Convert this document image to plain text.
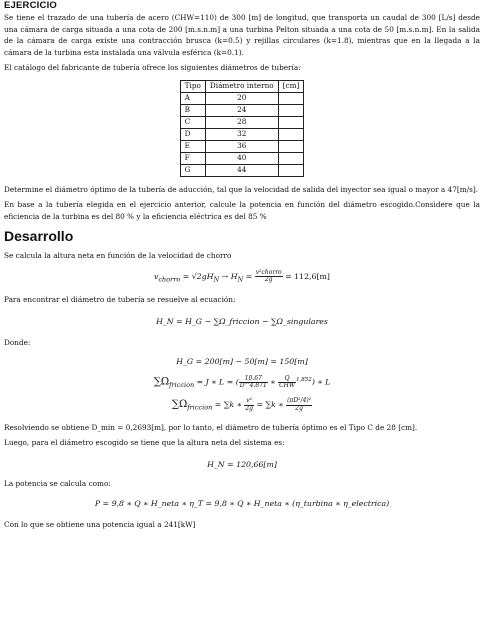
EJERCICIO

Se tiene el trazado de una tubería de acero (CHW=110) de 300 [m] de longitud, que transporta un caudal de 300 [L/s] desde una cámara de carga situada a una cota de 200 [m.s.n.m] a una turbina Pelton situada a una cota de 50 [m.s.n.m]. En la salida de la cámara de carga existe una contracción brusca (k=0.5) y rejillas circulares (k=1.8), mientras que en la llegada a la cámara de la turbina esta instalada una válvula esférica (k=0.1).

El catálogo del fabricante de tubería ofrece los siguientes diámetros de tubería:

Tipo	Diámetro interno	[cm]
A	20	
B	24	
C	28	
D	32	
E	36	
F	40	
G	44	

Determine el diámetro óptimo de la tubería de aducción, tal que la velocidad de salida del inyector sea igual o mayor a 47[m/s].

En base a la tubería elegida en el ejercicio anterior, calcule la potencia en función del diámetro escogido.Considere que la eficiencia de la turbina es del 80 % y la eficiencia eléctrica es del 85 %

Desarrollo

Se calcula la altura neta en función de la velocidad de chorro

$v_{chorro} = √2gH_N \to H_N = \frac{\text{v²chorro}}{2g} = 112,6[m]$

Para encontrar el diámetro de tubería se resuelve al ecuación:

H_N = H_G − ∑Ω_friccion − ∑Ω_singulares

Donde:

H_G = 200[m] − 50[m] = 150[m]
$\sum\Omega_{friccion} = J$ ∗ L = ( $\frac{10.67}{D\^{}4.871}$ ∗ $\frac{Q}{\text{CHW}} ^{1,852}$) ∗ L
$\sum\Omega_{friccion} = \sum k$ ∗ $\frac{\text{v²}}{2g} = \sum k$ ∗ $\frac{\text{(πD²/4)²}}{2g}$

Resolviendo se obtiene D_min = 0,2693[m], por lo tanto, el diámetro de tubería óptimo es el Tipo C de 28 [cm].

Luego, para el diámetro escogido se tiene que la altura neta del sistema es:

H_N = 120,66[m]

La potencia se calcula como:

P = 9,8 ∗ Q ∗ H_neta ∗ η_T = 9,8 ∗ Q ∗ H_neta ∗ (η_turbina ∗ η_electrica)

Con lo que se obtiene una potencia igual a 241[kW]
